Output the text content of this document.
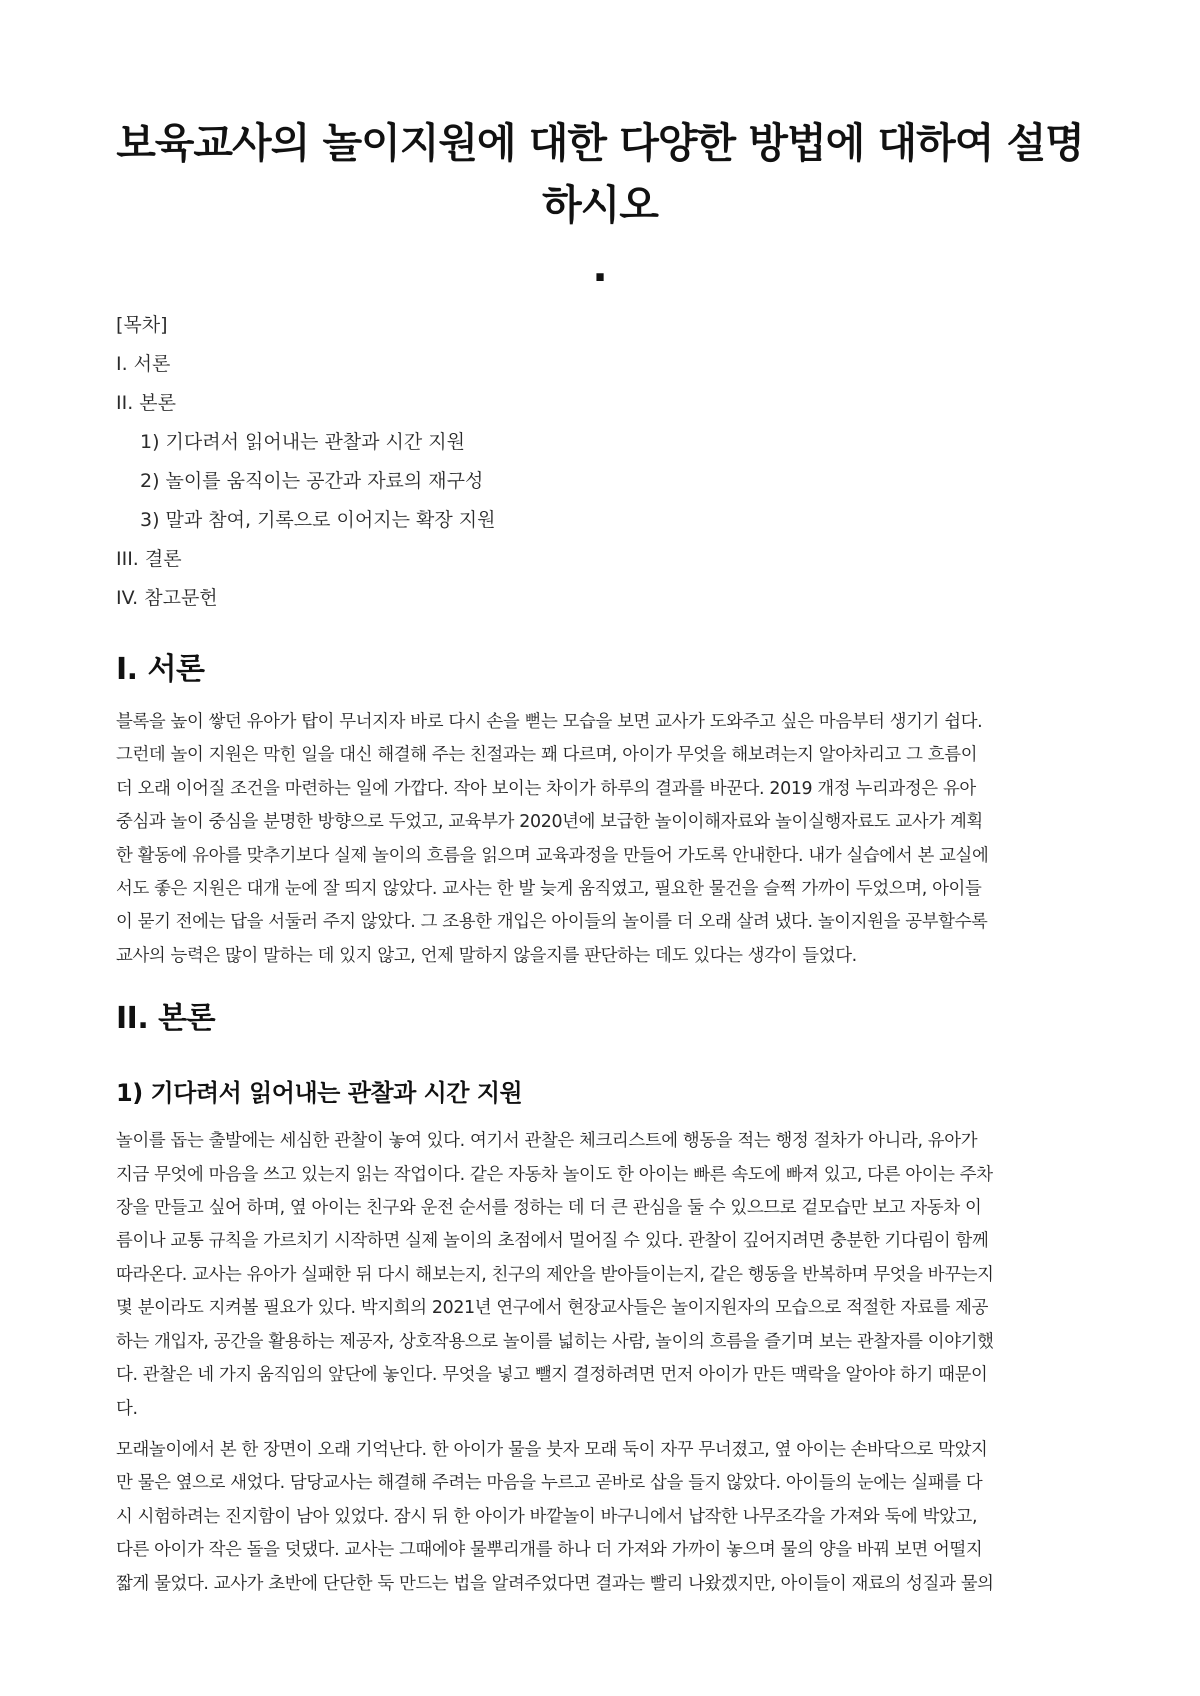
보육교사의 놀이지원에 대한 다양한 방법에 대하여 설명하시오
.
[목차]
I. 서론
II. 본론
1) 기다려서 읽어내는 관찰과 시간 지원
2) 놀이를 움직이는 공간과 자료의 재구성
3) 말과 참여, 기록으로 이어지는 확장 지원
III. 결론
IV. 참고문헌
I. 서론

블록을 높이 쌓던 유아가 탑이 무너지자 바로 다시 손을 뻗는 모습을 보면 교사가 도와주고 싶은 마음부터 생기기 쉽다.
그런데 놀이 지원은 막힌 일을 대신 해결해 주는 친절과는 꽤 다르며, 아이가 무엇을 해보려는지 알아차리고 그 흐름이
더 오래 이어질 조건을 마련하는 일에 가깝다. 작아 보이는 차이가 하루의 결과를 바꾼다. 2019 개정 누리과정은 유아
중심과 놀이 중심을 분명한 방향으로 두었고, 교육부가 2020년에 보급한 놀이이해자료와 놀이실행자료도 교사가 계획
한 활동에 유아를 맞추기보다 실제 놀이의 흐름을 읽으며 교육과정을 만들어 가도록 안내한다. 내가 실습에서 본 교실에
서도 좋은 지원은 대개 눈에 잘 띄지 않았다. 교사는 한 발 늦게 움직였고, 필요한 물건을 슬쩍 가까이 두었으며, 아이들
이 묻기 전에는 답을 서둘러 주지 않았다. 그 조용한 개입은 아이들의 놀이를 더 오래 살려 냈다. 놀이지원을 공부할수록
교사의 능력은 많이 말하는 데 있지 않고, 언제 말하지 않을지를 판단하는 데도 있다는 생각이 들었다.

II. 본론
1) 기다려서 읽어내는 관찰과 시간 지원

놀이를 돕는 출발에는 세심한 관찰이 놓여 있다. 여기서 관찰은 체크리스트에 행동을 적는 행정 절차가 아니라, 유아가
지금 무엇에 마음을 쓰고 있는지 읽는 작업이다. 같은 자동차 놀이도 한 아이는 빠른 속도에 빠져 있고, 다른 아이는 주차
장을 만들고 싶어 하며, 옆 아이는 친구와 운전 순서를 정하는 데 더 큰 관심을 둘 수 있으므로 겉모습만 보고 자동차 이
름이나 교통 규칙을 가르치기 시작하면 실제 놀이의 초점에서 멀어질 수 있다. 관찰이 깊어지려면 충분한 기다림이 함께
따라온다. 교사는 유아가 실패한 뒤 다시 해보는지, 친구의 제안을 받아들이는지, 같은 행동을 반복하며 무엇을 바꾸는지
몇 분이라도 지켜볼 필요가 있다. 박지희의 2021년 연구에서 현장교사들은 놀이지원자의 모습으로 적절한 자료를 제공
하는 개입자, 공간을 활용하는 제공자, 상호작용으로 놀이를 넓히는 사람, 놀이의 흐름을 즐기며 보는 관찰자를 이야기했
다. 관찰은 네 가지 움직임의 앞단에 놓인다. 무엇을 넣고 뺄지 결정하려면 먼저 아이가 만든 맥락을 알아야 하기 때문이
다.

모래놀이에서 본 한 장면이 오래 기억난다. 한 아이가 물을 붓자 모래 둑이 자꾸 무너졌고, 옆 아이는 손바닥으로 막았지
만 물은 옆으로 새었다. 담당교사는 해결해 주려는 마음을 누르고 곧바로 삽을 들지 않았다. 아이들의 눈에는 실패를 다
시 시험하려는 진지함이 남아 있었다. 잠시 뒤 한 아이가 바깥놀이 바구니에서 납작한 나무조각을 가져와 둑에 박았고,
다른 아이가 작은 돌을 덧댔다. 교사는 그때에야 물뿌리개를 하나 더 가져와 가까이 놓으며 물의 양을 바꿔 보면 어떨지
짧게 물었다. 교사가 초반에 단단한 둑 만드는 법을 알려주었다면 결과는 빨리 나왔겠지만, 아이들이 재료의 성질과 물의
